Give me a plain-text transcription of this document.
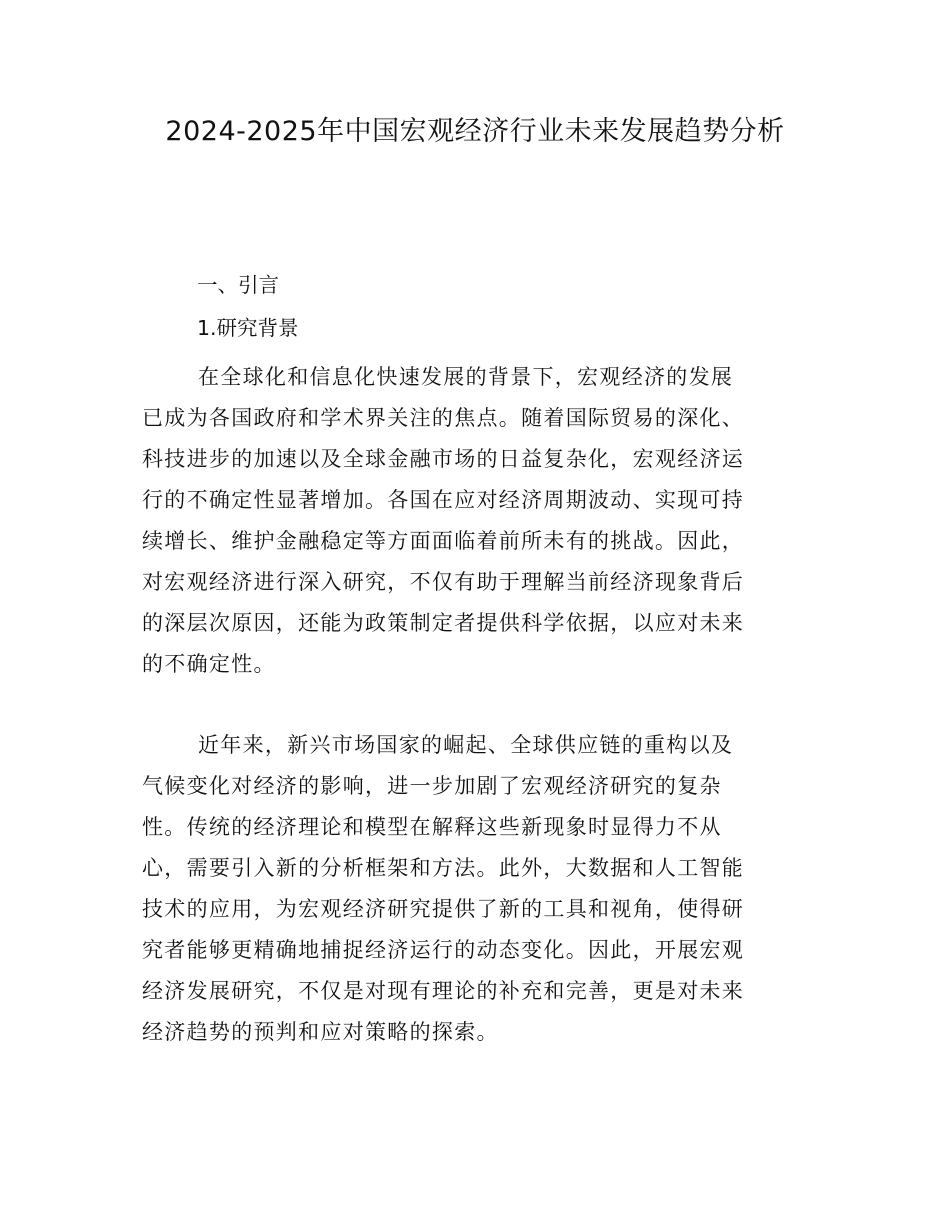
2024-2025年中国宏观经济行业未来发展趋势分析
一、引言
1.研究背景
在全球化和信息化快速发展的背景下，宏观经济的发展
已成为各国政府和学术界关注的焦点。随着国际贸易的深化、
科技进步的加速以及全球金融市场的日益复杂化，宏观经济运
行的不确定性显著增加。各国在应对经济周期波动、实现可持
续增长、维护金融稳定等方面面临着前所未有的挑战。因此，
对宏观经济进行深入研究，不仅有助于理解当前经济现象背后
的深层次原因，还能为政策制定者提供科学依据，以应对未来
的不确定性。
近年来，新兴市场国家的崛起、全球供应链的重构以及
气候变化对经济的影响，进一步加剧了宏观经济研究的复杂
性。传统的经济理论和模型在解释这些新现象时显得力不从
心，需要引入新的分析框架和方法。此外，大数据和人工智能
技术的应用，为宏观经济研究提供了新的工具和视角，使得研
究者能够更精确地捕捉经济运行的动态变化。因此，开展宏观
经济发展研究，不仅是对现有理论的补充和完善，更是对未来
经济趋势的预判和应对策略的探索。
